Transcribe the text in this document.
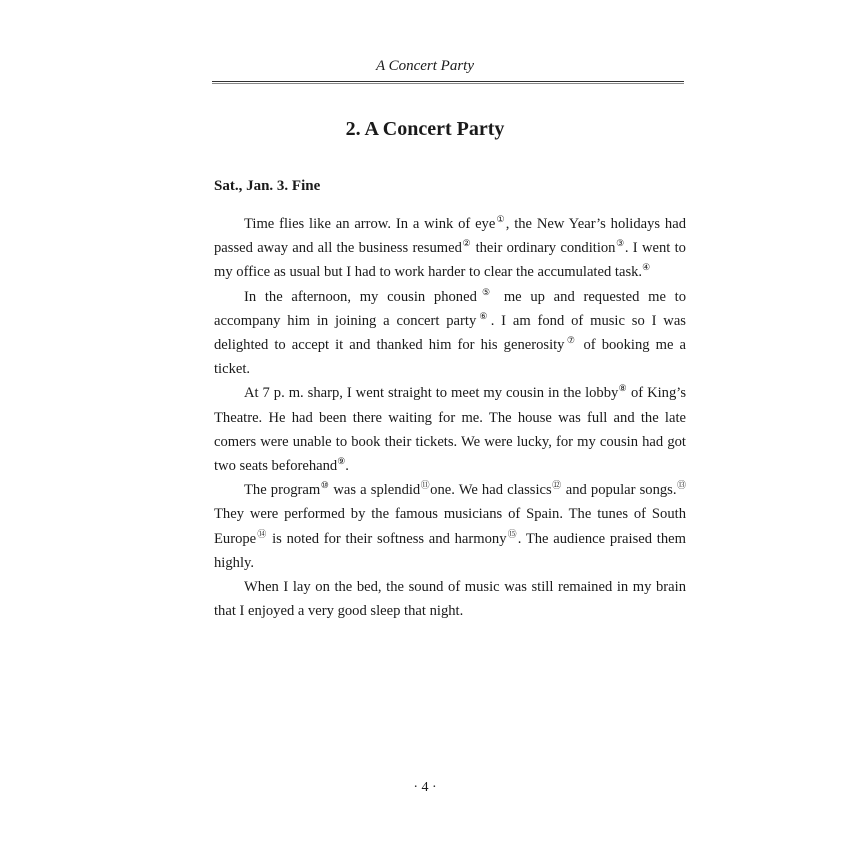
A Concert Party
2. A Concert Party
Sat., Jan. 3. Fine

Time flies like an arrow. In a wink of eye①, the New Year’s holidays had passed away and all the business resumed② their ordinary condition③. I went to my office as usual but I had to work harder to clear the accumulated task.④

In the afternoon, my cousin phoned⑤ me up and requested me to accompany him in joining a concert party⑥. I am fond of music so I was delighted to accept it and thanked him for his generosity⑦ of booking me a ticket.

At 7 p. m. sharp, I went straight to meet my cousin in the lobby⑧ of King’s Theatre. He had been there waiting for me. The house was full and the late comers were unable to book their tickets. We were lucky, for my cousin had got two seats beforehand⑨.

The program⑩ was a splendid⑪one. We had classics⑫ and popular songs.⑬ They were performed by the famous musicians of Spain. The tunes of South Europe⑭ is noted for their softness and harmony⑮. The audience praised them highly.

When I lay on the bed, the sound of music was still remained in my brain that I enjoyed a very good sleep that night.

· 4 ·
